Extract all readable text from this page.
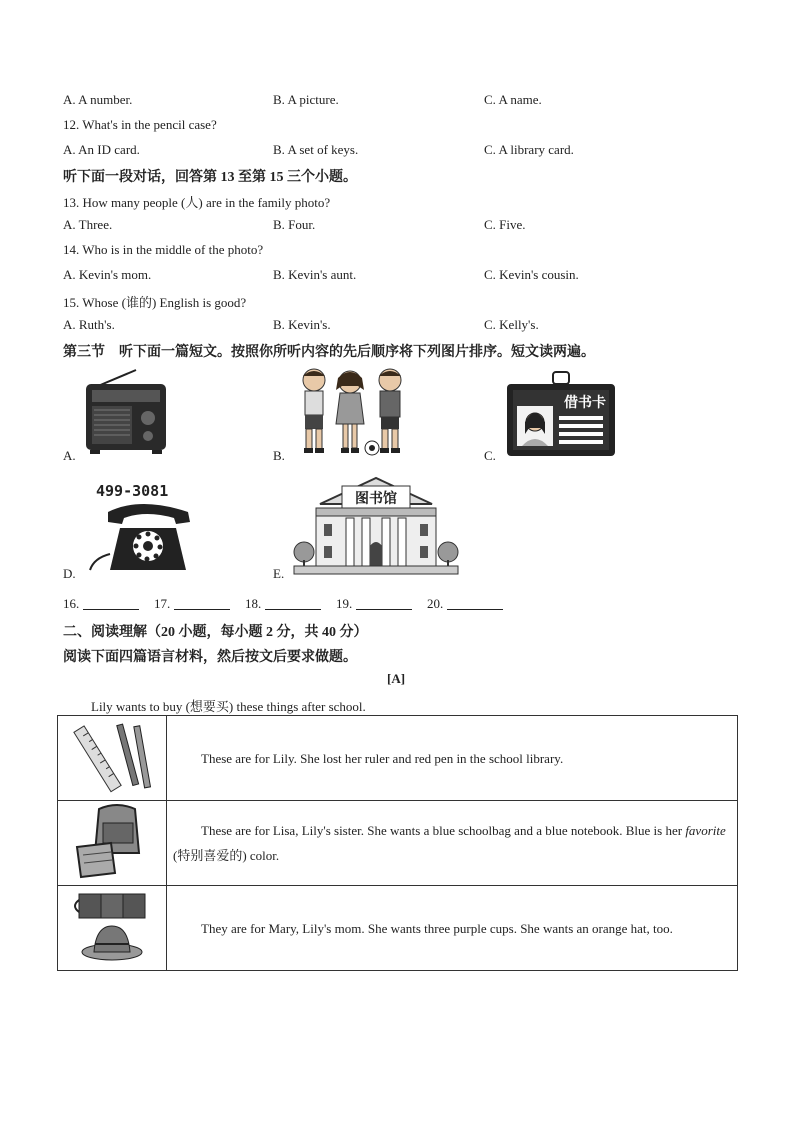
A. A number.	B. A picture.	C. A name.
12. What's in the pencil case?
A. An ID card.	B. A set of keys.	C. A library card.
听下面一段对话，回答第 13 至第 15 三个小题。
13. How many people (人) are in the family photo?
A. Three.	B. Four.	C. Five.
14. Who is in the middle of the photo?
A. Kevin's mom.	B. Kevin's aunt.	C. Kevin's cousin.
15. Whose (谁的) English is good?
A. Ruth's.	B. Kevin's.	C. Kelly's.
第三节　听下面一篇短文。按照你所听内容的先后顺序将下列图片排序。短文读两遍。
A.	B.	C.
借书卡
D.
499-3081
E.
图书馆
16.	17.	18.	19.	20.
二、阅读理解（20 小题，每小题 2 分，共 40 分）
阅读下面四篇语言材料，然后按文后要求做题。
[A]
Lily wants to buy (想要买) these things after school.
	These are for Lily. She lost her ruler and red pen in the school library.
	These are for Lisa, Lily's sister. She wants a blue schoolbag and a blue notebook. Blue is her favorite (特别喜爱的) color.
	They are for Mary, Lily's mom. She wants three purple cups. She wants an orange hat, too.
